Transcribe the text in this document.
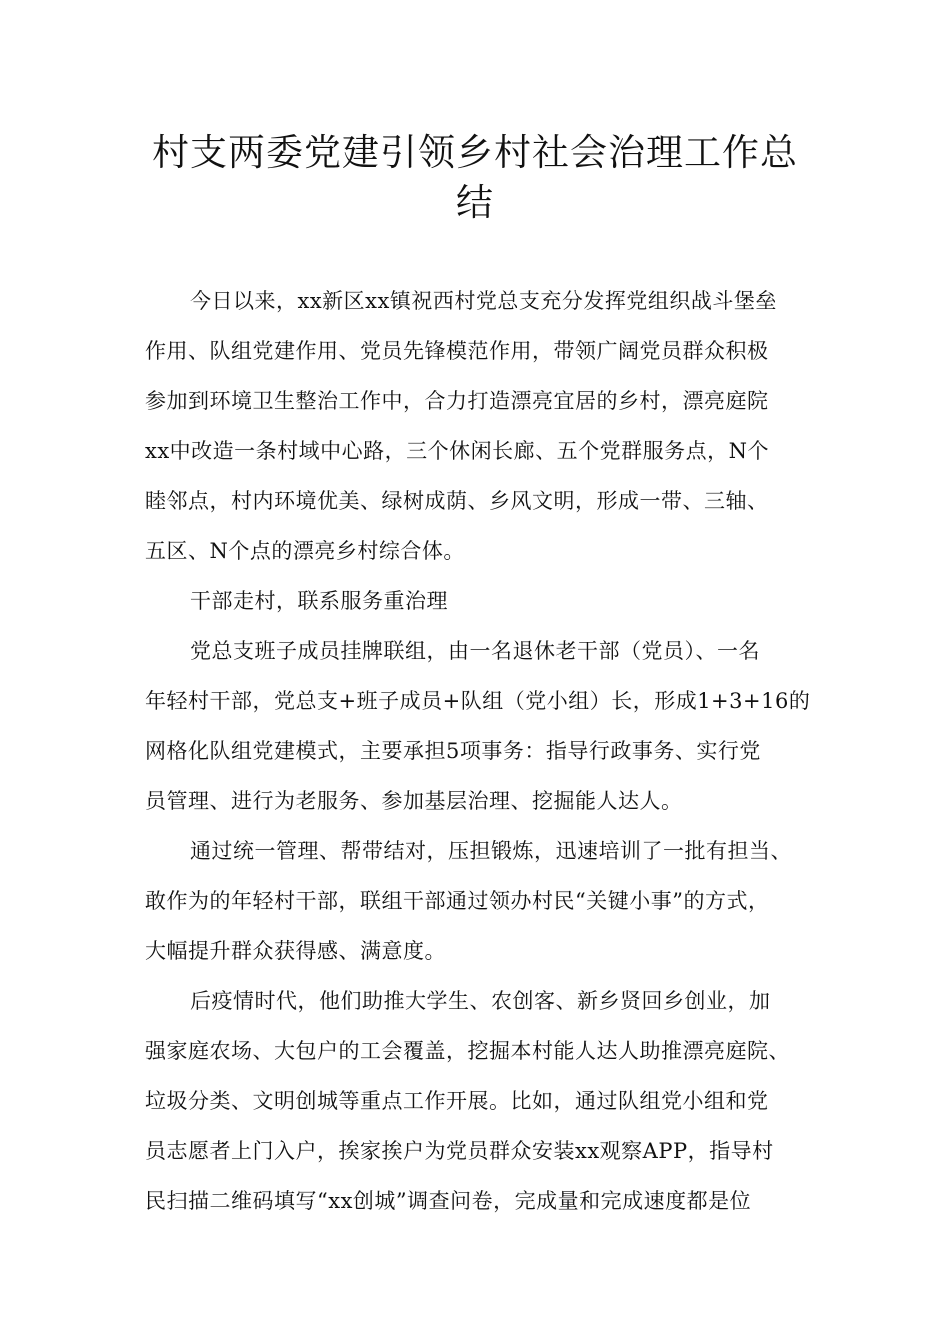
村支两委党建引领乡村社会治理工作总
结
今日以来，xx新区xx镇祝西村党总支充分发挥党组织战斗堡垒
作用、队组党建作用、党员先锋模范作用，带领广阔党员群众积极
参加到环境卫生整治工作中，合力打造漂亮宜居的乡村，漂亮庭院
xx中改造一条村域中心路，三个休闲长廊、五个党群服务点，N个
睦邻点，村内环境优美、绿树成荫、乡风文明，形成一带、三轴、
五区、N个点的漂亮乡村综合体。
干部走村，联系服务重治理
党总支班子成员挂牌联组，由一名退休老干部（党员）、一名
年轻村干部，党总支+班子成员+队组（党小组）长，形成1+3+16的
网格化队组党建模式，主要承担5项事务：指导行政事务、实行党
员管理、进行为老服务、参加基层治理、挖掘能人达人。
通过统一管理、帮带结对，压担锻炼，迅速培训了一批有担当、
敢作为的年轻村干部，联组干部通过领办村民“关键小事”的方式，
大幅提升群众获得感、满意度。
后疫情时代，他们助推大学生、农创客、新乡贤回乡创业，加
强家庭农场、大包户的工会覆盖，挖掘本村能人达人助推漂亮庭院、
垃圾分类、文明创城等重点工作开展。比如，通过队组党小组和党
员志愿者上门入户，挨家挨户为党员群众安装xx观察APP，指导村
民扫描二维码填写“xx创城”调查问卷，完成量和完成速度都是位
